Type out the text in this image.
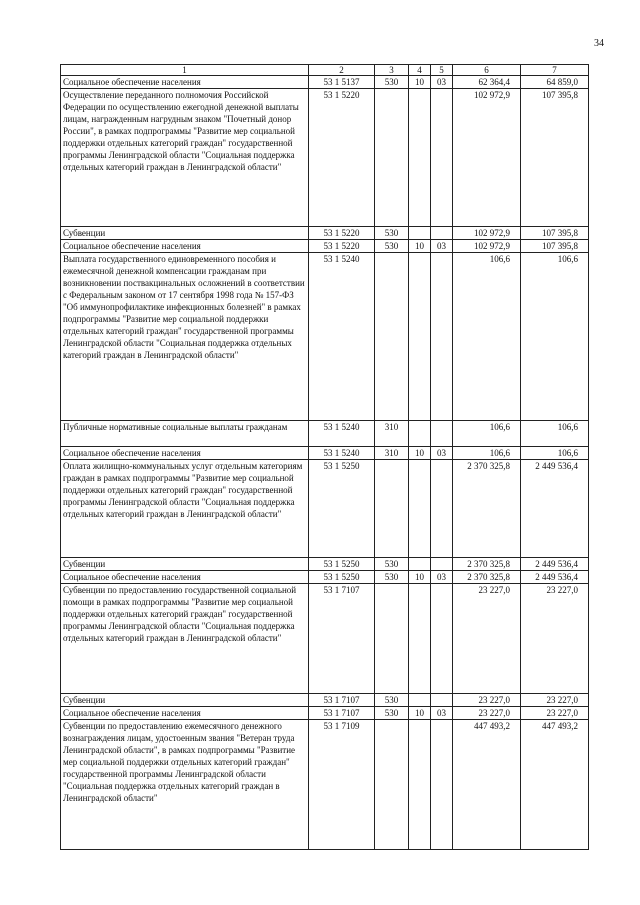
34
1	2	3	4	5	6	7
Социальное обеспечение населения	53 1 5137	530	10	03	62 364,4	64 859,0
Осуществление переданного полномочия Российской Федерации по осуществлению ежегодной денежной выплаты лицам, награжденным нагрудным знаком "Почетный донор России", в рамках подпрограммы "Развитие мер социальной поддержки отдельных категорий граждан" государственной программы Ленинградской области "Социальная поддержка отдельных категорий граждан в Ленинградской области"	53 1 5220				102 972,9	107 395,8
Субвенции	53 1 5220	530			102 972,9	107 395,8
Социальное обеспечение населения	53 1 5220	530	10	03	102 972,9	107 395,8
Выплата государственного единовременного пособия и ежемесячной денежной компенсации гражданам при возникновении поствакцинальных осложнений в соответствии с Федеральным законом от 17 сентября 1998 года № 157-ФЗ "Об иммунопрофилактике инфекционных болезней" в рамках подпрограммы "Развитие мер социальной поддержки отдельных категорий граждан" государственной программы Ленинградской области "Социальная поддержка отдельных категорий граждан в Ленинградской области"	53 1 5240				106,6	106,6
Публичные нормативные социальные выплаты гражданам	53 1 5240	310			106,6	106,6
Социальное обеспечение населения	53 1 5240	310	10	03	106,6	106,6
Оплата жилищно-коммунальных услуг отдельным категориям граждан в рамках подпрограммы "Развитие мер социальной поддержки отдельных категорий граждан" государственной программы Ленинградской области "Социальная поддержка отдельных категорий граждан в Ленинградской области"	53 1 5250				2 370 325,8	2 449 536,4
Субвенции	53 1 5250	530			2 370 325,8	2 449 536,4
Социальное обеспечение населения	53 1 5250	530	10	03	2 370 325,8	2 449 536,4
Субвенции по предоставлению государственной социальной помощи в рамках подпрограммы "Развитие мер социальной поддержки отдельных категорий граждан" государственной программы Ленинградской области "Социальная поддержка отдельных категорий граждан в Ленинградской области"	53 1 7107				23 227,0	23 227,0
Субвенции	53 1 7107	530			23 227,0	23 227,0
Социальное обеспечение населения	53 1 7107	530	10	03	23 227,0	23 227,0
Субвенции по предоставлению ежемесячного денежного вознаграждения лицам, удостоенным звания "Ветеран труда Ленинградской области", в рамках подпрограммы "Развитие мер социальной поддержки отдельных категорий граждан" государственной программы Ленинградской области "Социальная поддержка отдельных категорий граждан в Ленинградской области"	53 1 7109				447 493,2	447 493,2
